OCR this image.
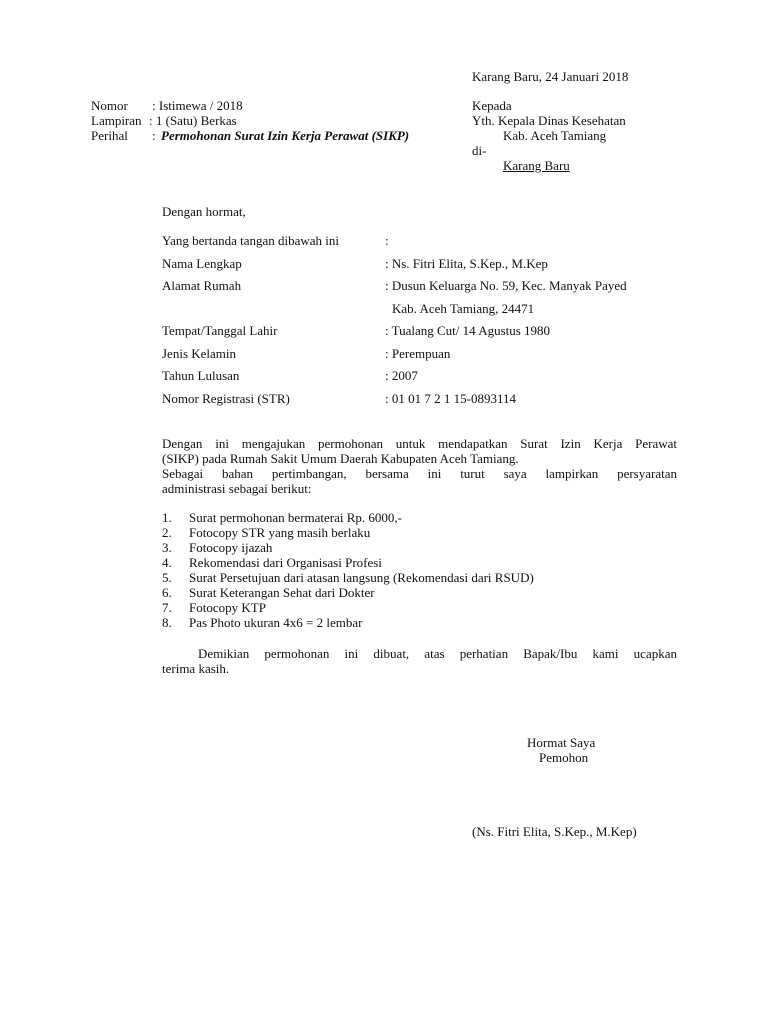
Karang Baru, 24 Januari 2018
Nomor : Istimewa / 2018
Lampiran : 1 (Satu) Berkas
Perihal : Permohonan Surat Izin Kerja Perawat (SIKP)
Kepada
Yth. Kepala Dinas Kesehatan
Kab. Aceh Tamiang
di-
Karang Baru
Dengan hormat,
Yang bertanda tangan dibawah ini	:
Nama Lengkap	: Ns. Fitri Elita, S.Kep., M.Kep
Alamat Rumah	: Dusun Keluarga No. 59, Kec. Manyak Payed
Kab. Aceh Tamiang, 24471
Tempat/Tanggal Lahir	: Tualang Cut/ 14 Agustus 1980
Jenis Kelamin	: Perempuan
Tahun Lulusan	: 2007
Nomor Registrasi (STR)	: 01 01 7 2 1 15-0893114
Dengan ini mengajukan permohonan untuk mendapatkan Surat Izin Kerja Perawat
(SIKP) pada Rumah Sakit Umum Daerah Kabupaten Aceh Tamiang.
Sebagai bahan pertimbangan, bersama ini turut saya lampirkan persyaratan
administrasi sebagai berikut:
1. Surat permohonan bermaterai Rp. 6000,-
2. Fotocopy STR yang masih berlaku
3. Fotocopy ijazah
4. Rekomendasi dari Organisasi Profesi
5. Surat Persetujuan dari atasan langsung (Rekomendasi dari RSUD)
6. Surat Keterangan Sehat dari Dokter
7. Fotocopy KTP
8. Pas Photo ukuran 4x6 = 2 lembar
Demikian permohonan ini dibuat, atas perhatian Bapak/Ibu kami ucapkan
terima kasih.
Hormat Saya
Pemohon
(Ns. Fitri Elita, S.Kep., M.Kep)
